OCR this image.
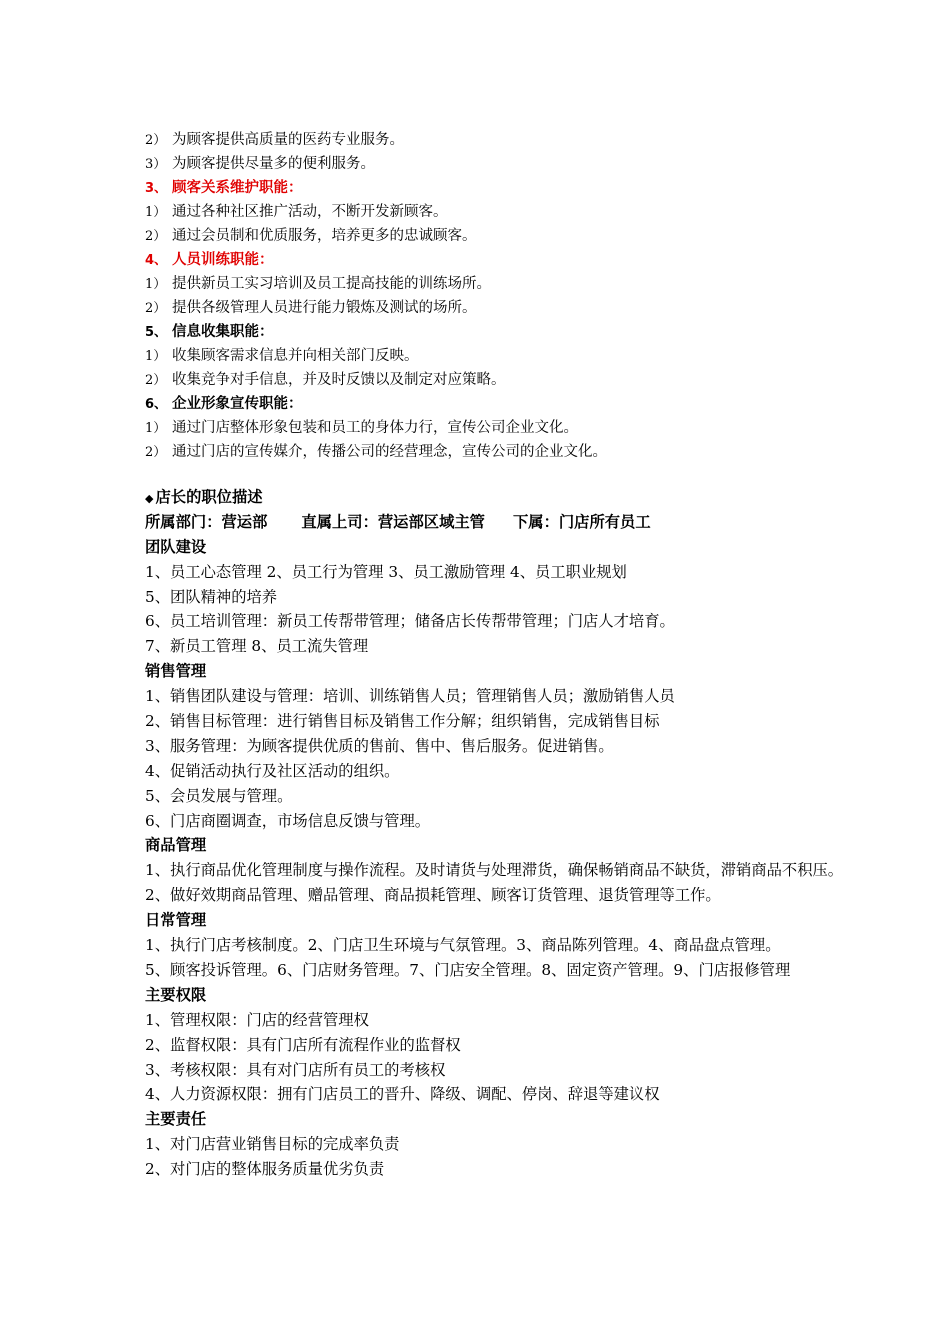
2） 为顾客提供高质量的医药专业服务。
3） 为顾客提供尽量多的便利服务。
3、 顾客关系维护职能：
1） 通过各种社区推广活动，不断开发新顾客。
2） 通过会员制和优质服务，培养更多的忠诚顾客。
4、 人员训练职能：
1） 提供新员工实习培训及员工提高技能的训练场所。
2） 提供各级管理人员进行能力锻炼及测试的场所。
5、 信息收集职能：
1） 收集顾客需求信息并向相关部门反映。
2） 收集竞争对手信息，并及时反馈以及制定对应策略。
6、 企业形象宣传职能：
1） 通过门店整体形象包装和员工的身体力行，宣传公司企业文化。
2） 通过门店的宣传媒介，传播公司的经营理念，宣传公司的企业文化。
◆ 店长的职位描述
所属部门：营运部 直属上司：营运部区域主管 下属：门店所有员工
团队建设
1、员工心态管理 2、员工行为管理 3、员工激励管理 4、员工职业规划
5、团队精神的培养
6、员工培训管理：新员工传帮带管理；储备店长传帮带管理；门店人才培育。
7、新员工管理 8、员工流失管理
销售管理
1、销售团队建设与管理：培训、训练销售人员；管理销售人员；激励销售人员
2、销售目标管理：进行销售目标及销售工作分解；组织销售，完成销售目标
3、服务管理：为顾客提供优质的售前、售中、售后服务。促进销售。
4、促销活动执行及社区活动的组织。
5、会员发展与管理。
6、门店商圈调查，市场信息反馈与管理。
商品管理
1、执行商品优化管理制度与操作流程。及时请货与处理滞货，确保畅销商品不缺货，滞销商品不积压。
2、做好效期商品管理、赠品管理、商品损耗管理、顾客订货管理、退货管理等工作。
日常管理
1、执行门店考核制度。2、门店卫生环境与气氛管理。3、商品陈列管理。4、商品盘点管理。
5、顾客投诉管理。6、门店财务管理。7、门店安全管理。8、固定资产管理。9、门店报修管理
主要权限
1、管理权限：门店的经营管理权
2、监督权限：具有门店所有流程作业的监督权
3、考核权限：具有对门店所有员工的考核权
4、人力资源权限：拥有门店员工的晋升、降级、调配、停岗、辞退等建议权
主要责任
1、对门店营业销售目标的完成率负责
2、对门店的整体服务质量优劣负责
